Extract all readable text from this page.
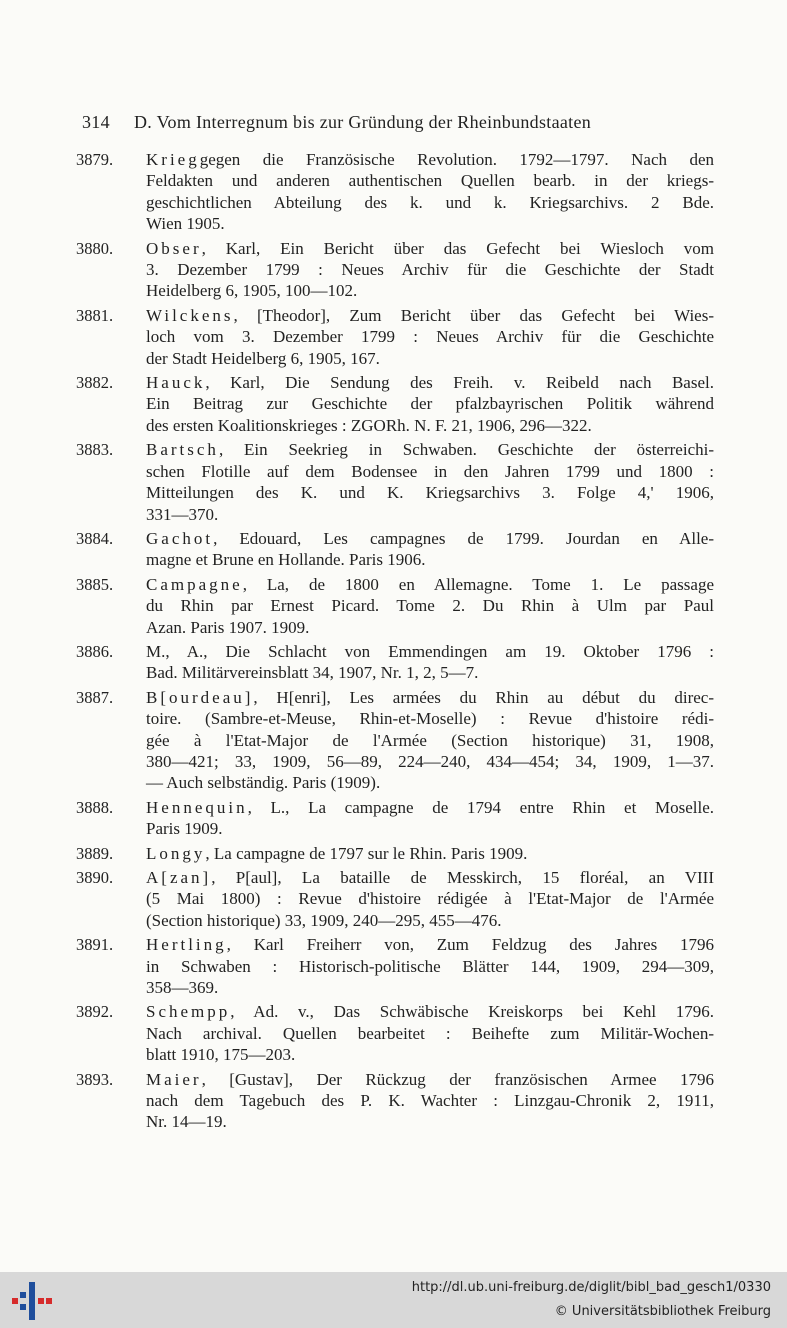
314 D. Vom Interregnum bis zur Gründung der Rheinbundstaaten
3879.	Krieggegen die Französische Revolution. 1792—1797. Nach den
Feldakten und anderen authentischen Quellen bearb. in der kriegs-
geschichtlichen Abteilung des k. und k. Kriegsarchivs. 2 Bde.
Wien 1905.
3880.	Obser, Karl, Ein Bericht über das Gefecht bei Wiesloch vom
3. Dezember 1799 : Neues Archiv für die Geschichte der Stadt
Heidelberg 6, 1905, 100—102.
3881.	Wilckens, [Theodor], Zum Bericht über das Gefecht bei Wies-
loch vom 3. Dezember 1799 : Neues Archiv für die Geschichte
der Stadt Heidelberg 6, 1905, 167.
3882.	Hauck, Karl, Die Sendung des Freih. v. Reibeld nach Basel.
Ein Beitrag zur Geschichte der pfalzbayrischen Politik während
des ersten Koalitionskrieges : ZGORh. N. F. 21, 1906, 296—322.
3883.	Bartsch, Ein Seekrieg in Schwaben. Geschichte der österreichi-
schen Flotille auf dem Bodensee in den Jahren 1799 und 1800 :
Mitteilungen des K. und K. Kriegsarchivs 3. Folge 4,' 1906,
331—370.
3884.	Gachot, Edouard, Les campagnes de 1799. Jourdan en Alle-
magne et Brune en Hollande. Paris 1906.
3885.	Campagne, La, de 1800 en Allemagne. Tome 1. Le passage
du Rhin par Ernest Picard. Tome 2. Du Rhin à Ulm par Paul
Azan. Paris 1907. 1909.
3886.	M., A., Die Schlacht von Emmendingen am 19. Oktober 1796 :
Bad. Militärvereinsblatt 34, 1907, Nr. 1, 2, 5—7.
3887.	B[ourdeau], H[enri], Les armées du Rhin au début du direc-
toire. (Sambre-et-Meuse, Rhin-et-Moselle) : Revue d'histoire rédi-
gée à l'Etat-Major de l'Armée (Section historique) 31, 1908,
380—421; 33, 1909, 56—89, 224—240, 434—454; 34, 1909, 1—37.
— Auch selbständig. Paris (1909).
3888.	Hennequin, L., La campagne de 1794 entre Rhin et Moselle.
Paris 1909.
3889.	Longy, La campagne de 1797 sur le Rhin. Paris 1909.
3890.	A[zan], P[aul], La bataille de Messkirch, 15 floréal, an VIII
(5 Mai 1800) : Revue d'histoire rédigée à l'Etat-Major de l'Armée
(Section historique) 33, 1909, 240—295, 455—476.
3891.	Hertling, Karl Freiherr von, Zum Feldzug des Jahres 1796
in Schwaben : Historisch-politische Blätter 144, 1909, 294—309,
358—369.
3892.	Schempp, Ad. v., Das Schwäbische Kreiskorps bei Kehl 1796.
Nach archival. Quellen bearbeitet : Beihefte zum Militär-Wochen-
blatt 1910, 175—203.
3893.	Maier, [Gustav], Der Rückzug der französischen Armee 1796
nach dem Tagebuch des P. K. Wachter : Linzgau-Chronik 2, 1911,
Nr. 14—19.
http://dl.ub.uni-freiburg.de/diglit/bibl_bad_gesch1/0330
© Universitätsbibliothek Freiburg
